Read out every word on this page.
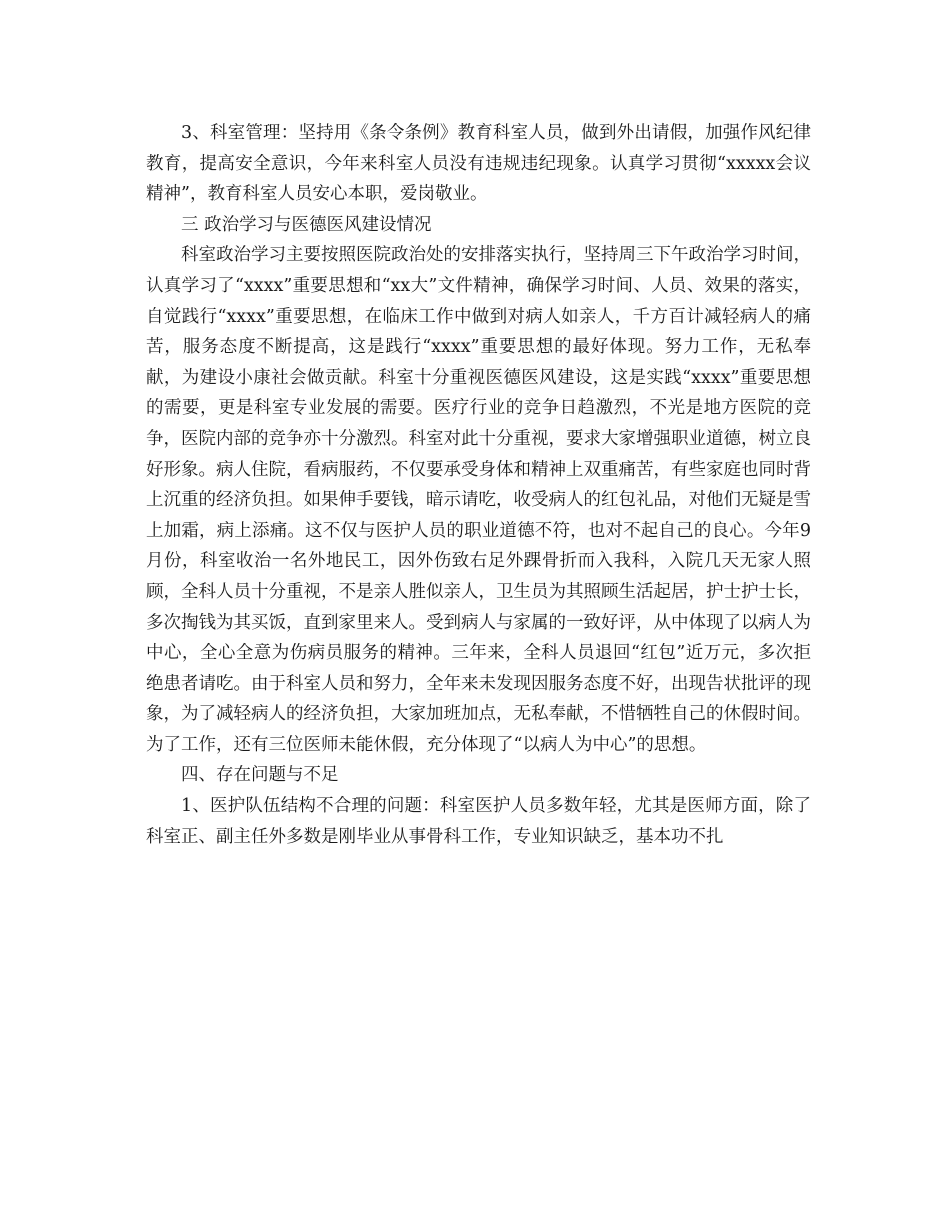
3、科室管理：坚持用《条令条例》教育科室人员，做到外出请假，加强作风纪律教育，提高安全意识，今年来科室人员没有违规违纪现象。认真学习贯彻“xxxxx会议精神”，教育科室人员安心本职，爱岗敬业。

三 政治学习与医德医风建设情况

科室政治学习主要按照医院政治处的安排落实执行，坚持周三下午政治学习时间，认真学习了“xxxx”重要思想和“xx大”文件精神，确保学习时间、人员、效果的落实，自觉践行“xxxx”重要思想，在临床工作中做到对病人如亲人，千方百计减轻病人的痛苦，服务态度不断提高，这是践行“xxxx”重要思想的最好体现。努力工作，无私奉献，为建设小康社会做贡献。科室十分重视医德医风建设，这是实践“xxxx”重要思想的需要，更是科室专业发展的需要。医疗行业的竞争日趋激烈，不光是地方医院的竞争，医院内部的竞争亦十分激烈。科室对此十分重视，要求大家增强职业道德，树立良好形象。病人住院，看病服药，不仅要承受身体和精神上双重痛苦，有些家庭也同时背上沉重的经济负担。如果伸手要钱，暗示请吃，收受病人的红包礼品，对他们无疑是雪上加霜，病上添痛。这不仅与医护人员的职业道德不符，也对不起自己的良心。今年9月份，科室收治一名外地民工，因外伤致右足外踝骨折而入我科，入院几天无家人照顾，全科人员十分重视，不是亲人胜似亲人，卫生员为其照顾生活起居，护士护士长，多次掏钱为其买饭，直到家里来人。受到病人与家属的一致好评，从中体现了以病人为中心，全心全意为伤病员服务的精神。三年来，全科人员退回“红包”近万元，多次拒绝患者请吃。由于科室人员和努力，全年来未发现因服务态度不好，出现告状批评的现象，为了减轻病人的经济负担，大家加班加点，无私奉献，不惜牺牲自己的休假时间。为了工作，还有三位医师未能休假，充分体现了“以病人为中心”的思想。

四、存在问题与不足

1、医护队伍结构不合理的问题：科室医护人员多数年轻，尤其是医师方面，除了科室正、副主任外多数是刚毕业从事骨科工作，专业知识缺乏，基本功不扎
